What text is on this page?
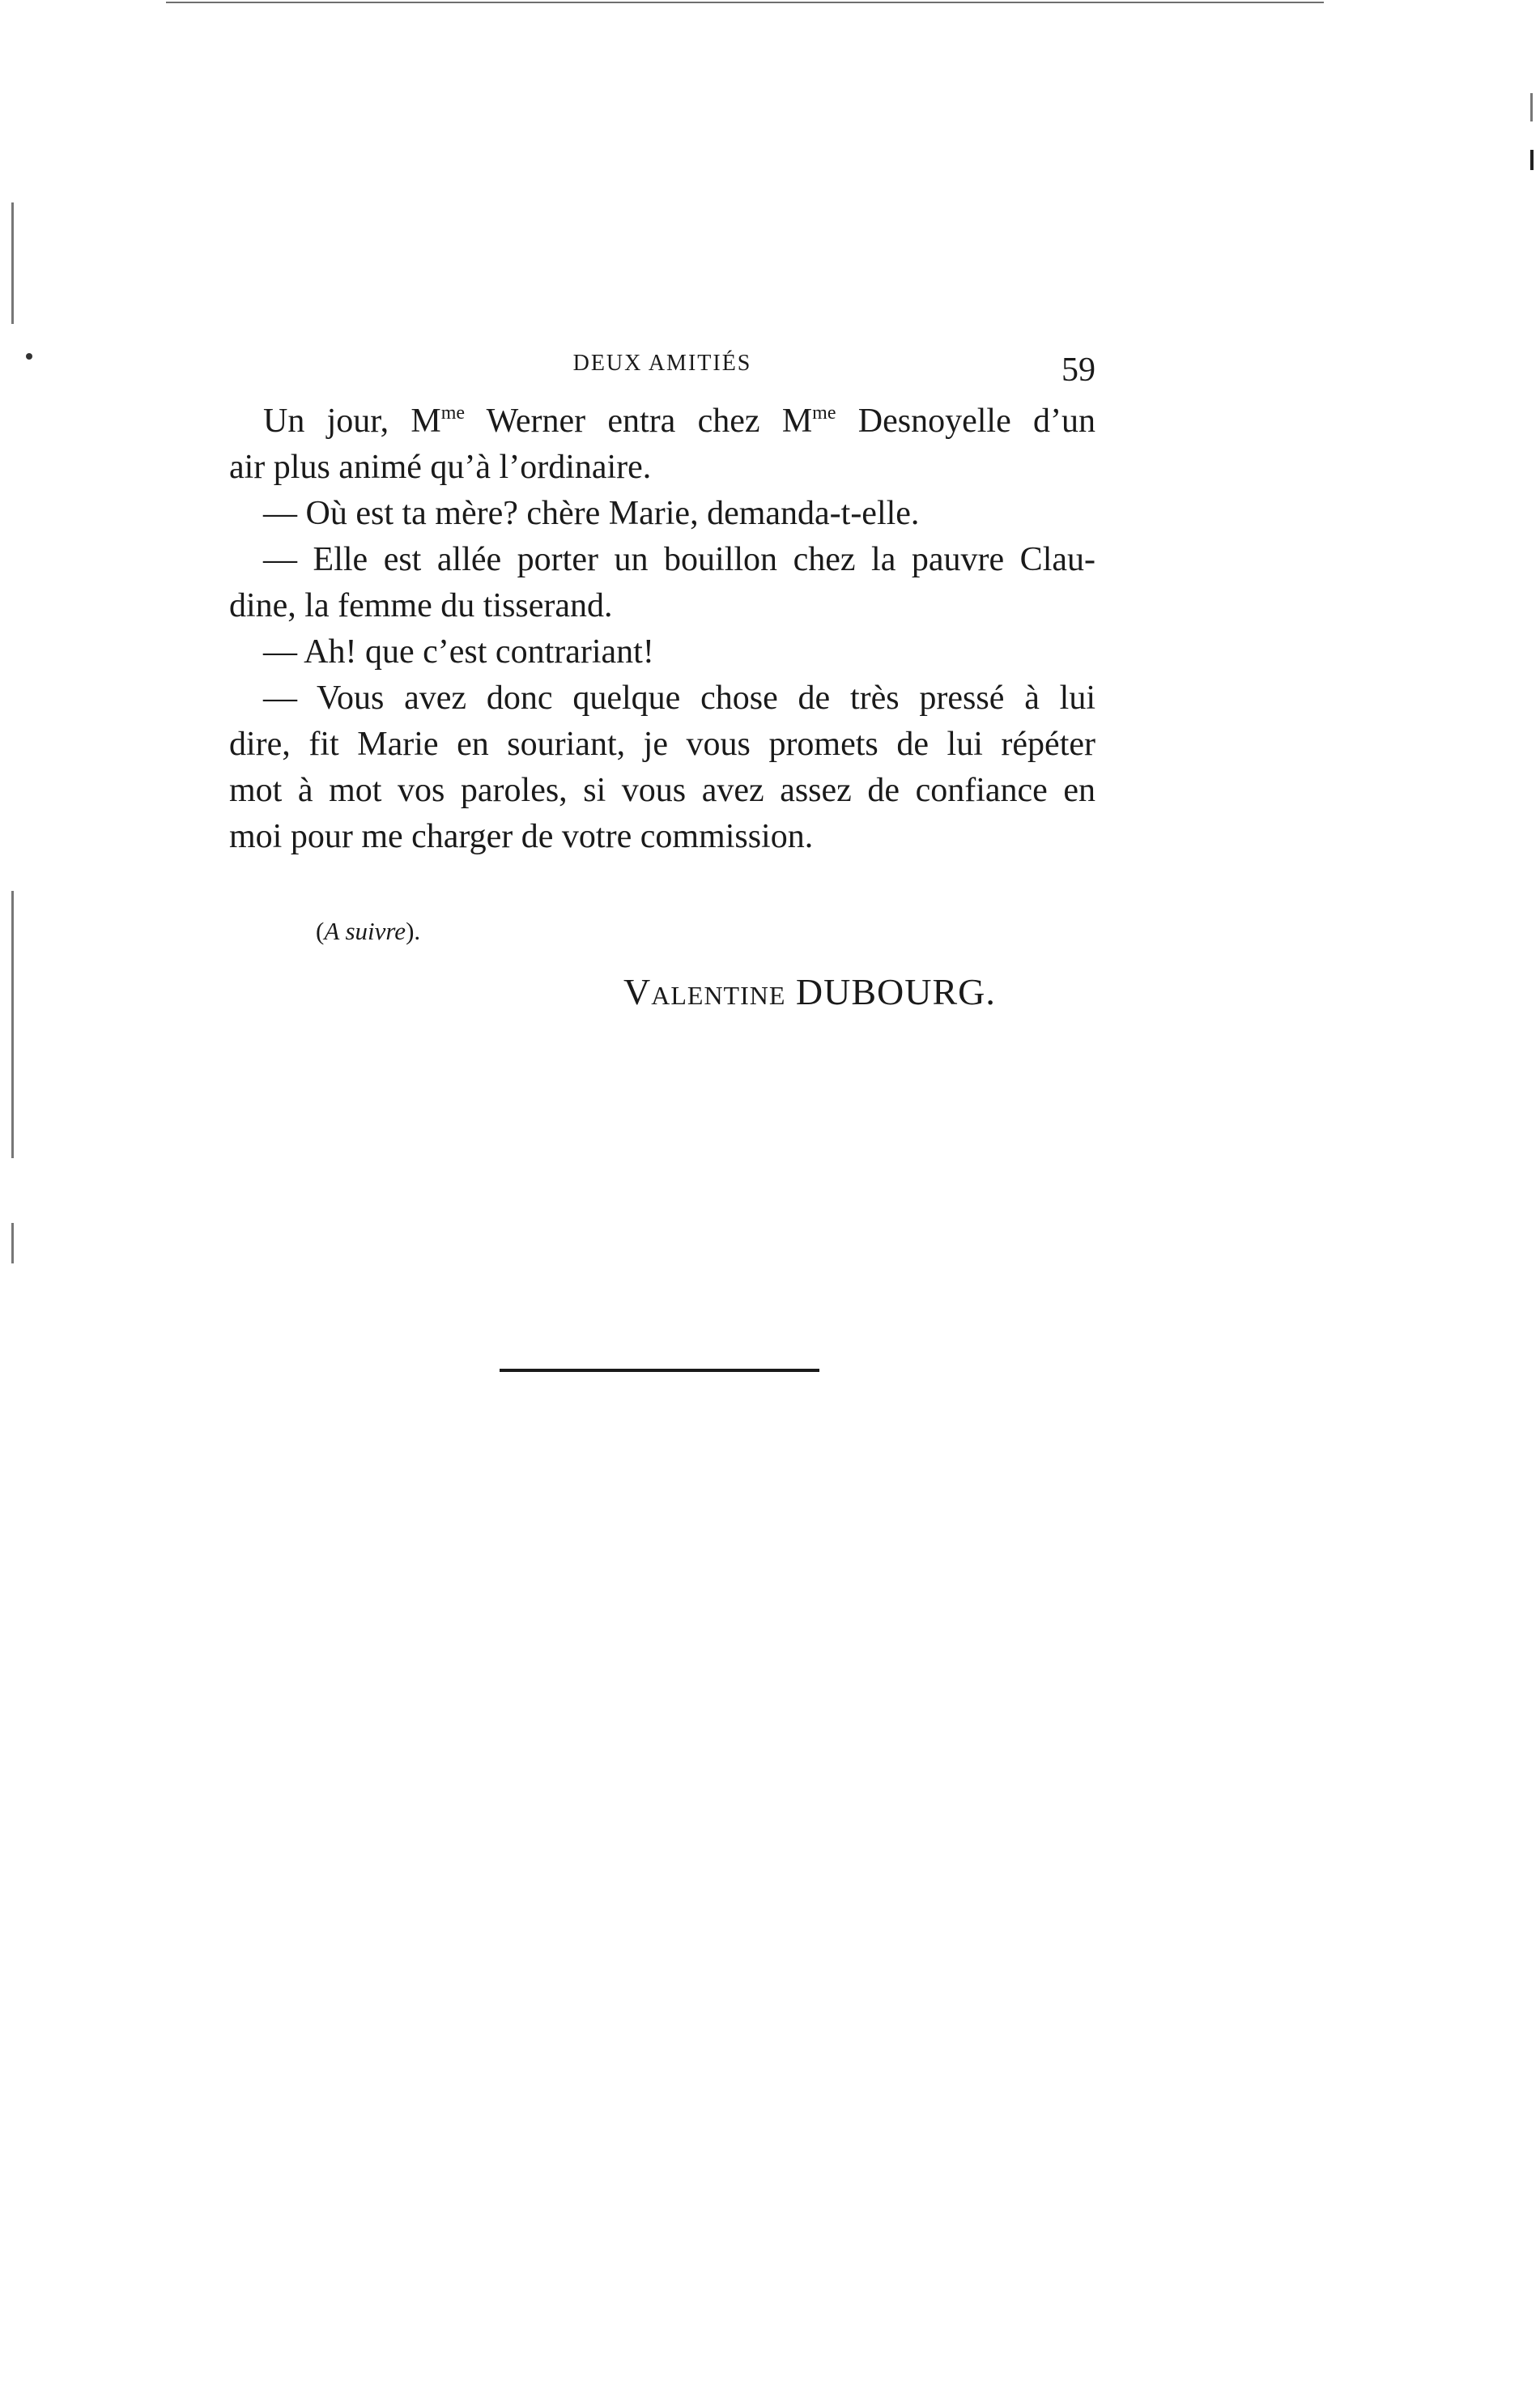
DEUX AMITIÉS	59
Un jour, $M^{me}$ Werner entra chez $M^{me}$ Desnoyelle d’un
air plus animé qu’à l’ordinaire.
— Où est ta mère? chère Marie, demanda-t-elle.
— Elle est allée porter un bouillon chez la pauvre Clau-
dine, la femme du tisserand.
— Ah! que c’est contrariant!
— Vous avez donc quelque chose de très pressé à lui
dire, fit Marie en souriant, je vous promets de lui répéter
mot à mot vos paroles, si vous avez assez de confiance en
moi pour me charger de votre commission.
(A suivre).
VALENTINE DUBOURG.
